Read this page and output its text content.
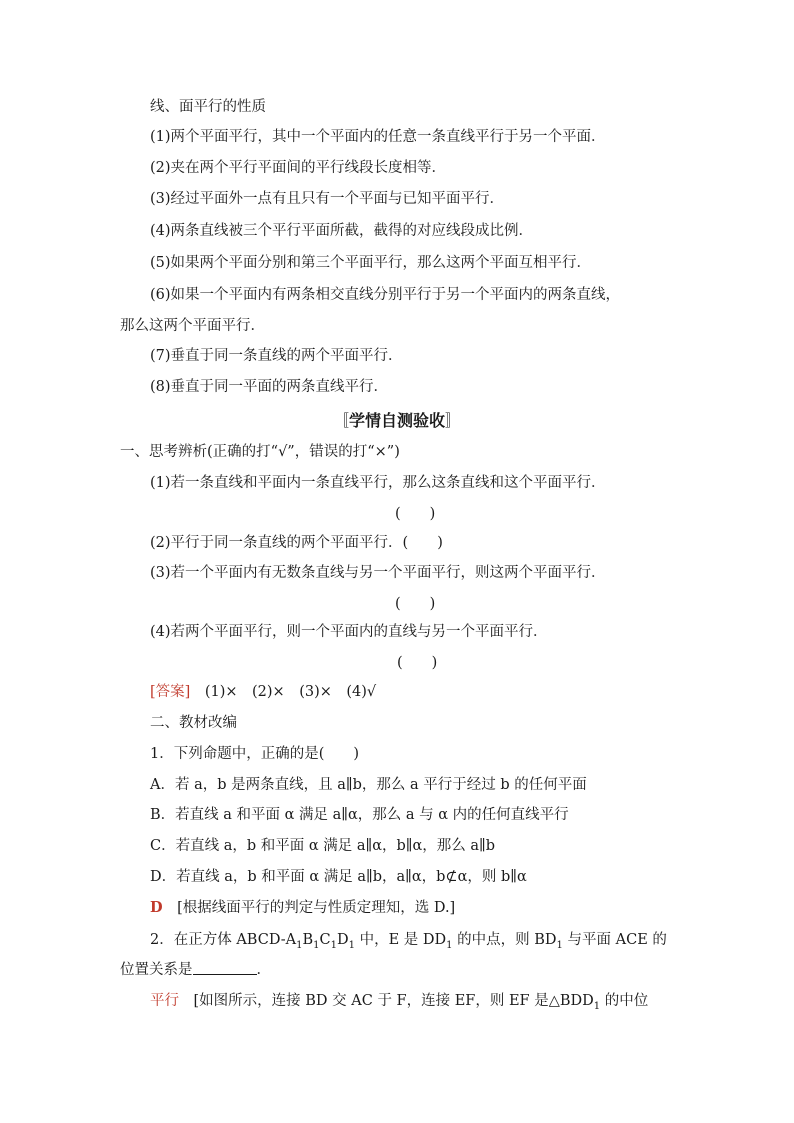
线、面平行的性质
(1)两个平面平行，其中一个平面内的任意一条直线平行于另一个平面．
(2)夹在两个平行平面间的平行线段长度相等．
(3)经过平面外一点有且只有一个平面与已知平面平行．
(4)两条直线被三个平行平面所截，截得的对应线段成比例．
(5)如果两个平面分别和第三个平面平行，那么这两个平面互相平行．
(6)如果一个平面内有两条相交直线分别平行于另一个平面内的两条直线，
那么这两个平面平行．
(7)垂直于同一条直线的两个平面平行．
(8)垂直于同一平面的两条直线平行．
〚学情自测验收〛
一、思考辨析(正确的打“√”，错误的打“×”)
(1)若一条直线和平面内一条直线平行，那么这条直线和这个平面平行．
(　　)
(2)平行于同一条直线的两个平面平行．(　　)
(3)若一个平面内有无数条直线与另一个平面平行，则这两个平面平行．
(　　)
(4)若两个平面平行，则一个平面内的直线与另一个平面平行．
(　　)
[答案]　(1)×　(2)×　(3)×　(4)√
二、教材改编
1．下列命题中，正确的是(　　)
A．若 a，b 是两条直线，且 a∥b，那么 a 平行于经过 b 的任何平面
B．若直线 a 和平面 α 满足 a∥α，那么 a 与 α 内的任何直线平行
C．若直线 a，b 和平面 α 满足 a∥α，b∥α，那么 a∥b
D．若直线 a，b 和平面 α 满足 a∥b，a∥α，b⊄α，则 b∥α
D　[根据线面平行的判定与性质定理知，选 D.]
2．在正方体 ABCD-$A_1B_1C_1D_1$ 中，E 是 $DD_1$ 的中点，则 $BD_1$ 与平面 ACE 的
位置关系是	．
平行　[如图所示，连接 BD 交 AC 于 F，连接 EF，则 EF 是$\triangle BDD_1$ 的中位
